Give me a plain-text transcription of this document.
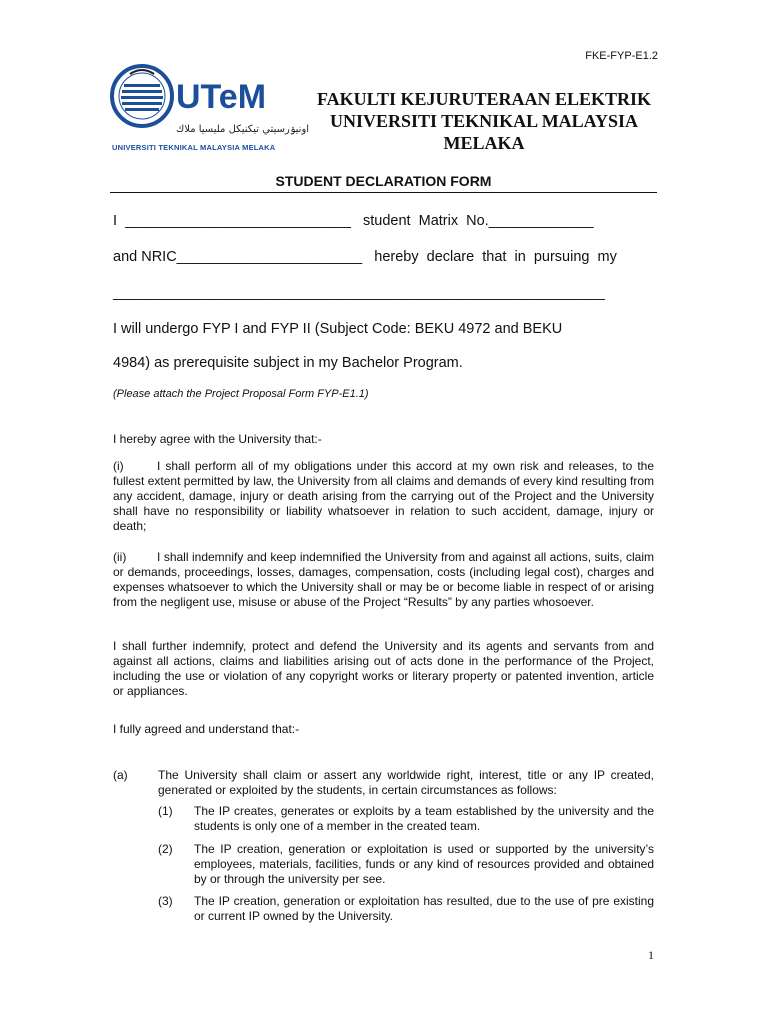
FKE-FYP-E1.2
UTeM
اونيۏرسيتي تيكنيكل مليسيا ملاك
UNIVERSITI TEKNIKAL MALAYSIA MELAKA
FAKULTI KEJURUTERAAN ELEKTRIK
UNIVERSITI TEKNIKAL MALAYSIA
MELAKA
STUDENT DECLARATION FORM
I ____________________________ student  Matrix  No._____________
and NRIC_______________________ hereby  declare  that  in  pursuing  my
_____________________________________________________________
I will undergo FYP I and FYP II (Subject Code: BEKU 4972 and BEKU
4984) as prerequisite subject in my Bachelor Program.
(Please attach the Project Proposal Form FYP-E1.1)
I hereby agree with the University that:-
(i)	I shall perform all of my obligations under this accord at my own risk and releases, to the fullest extent permitted by law, the University from all claims and demands of every kind resulting from any accident, damage, injury or death arising from the carrying out of the Project and the University shall have no responsibility or liability whatsoever in relation to such accident, damage, injury or death;
(ii)	I shall indemnify and keep indemnified the University from and against all actions, suits, claim or demands, proceedings, losses, damages, compensation, costs (including legal cost), charges and expenses whatsoever to which the University shall or may be or become liable in respect of or arising from the negligent use, misuse or abuse of the Project “Results” by any parties whosoever.
I shall further indemnify, protect and defend the University and its agents and servants from and against all actions, claims and liabilities arising out of acts done in the performance of the Project, including the use or violation of any copyright works or literary property or patented invention, article or appliances.
I fully agreed and understand that:-
(a)	The University shall claim or assert any worldwide right, interest, title or any IP created, generated or exploited by the students, in certain circumstances as follows:
(1) The IP creates, generates or exploits by a team established by the university and the students is only one of a member in the created team.
(2) The IP creation, generation or exploitation is used or supported by the university’s employees, materials, facilities, funds or any kind of resources provided and obtained by or through the university per see.
(3) The IP creation, generation or exploitation has resulted, due to the use of pre existing or current IP owned by the University.
1
